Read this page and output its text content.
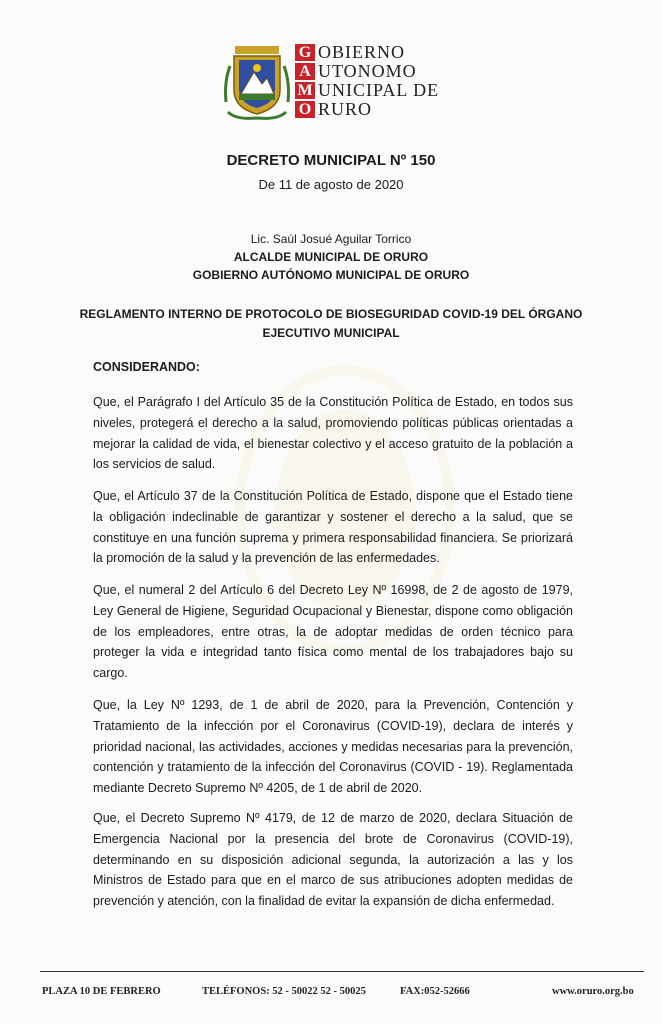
G
A
M
O
OBIERNO
UTONOMO
UNICIPAL DE
RURO
DECRETO MUNICIPAL Nº 150
De 11 de agosto de 2020
Lic. Saúl Josué Aguilar Torrico
ALCALDE MUNICIPAL DE ORURO
GOBIERNO AUTÓNOMO MUNICIPAL DE ORURO
REGLAMENTO INTERNO DE PROTOCOLO DE BIOSEGURIDAD COVID-19 DEL ÓRGANO
EJECUTIVO MUNICIPAL
CONSIDERANDO:

Que, el Parágrafo I del Artículo 35 de la Constitución Política de Estado, en todos sus niveles, protegerá el derecho a la salud, promoviendo políticas públicas orientadas a mejorar la calidad de vida, el bienestar colectivo y el acceso gratuito de la población a los servicios de salud.

Que, el Artículo 37 de la Constitución Política de Estado, dispone que el Estado tiene la obligación indeclinable de garantizar y sostener el derecho a la salud, que se constituye en una función suprema y primera responsabilidad financiera. Se priorizará la promoción de la salud y la prevención de las enfermedades.

Que, el numeral 2 del Artículo 6 del Decreto Ley Nº 16998, de 2 de agosto de 1979, Ley General de Higiene, Seguridad Ocupacional y Bienestar, dispone como obligación de los empleadores, entre otras, la de adoptar medidas de orden técnico para proteger la vida e integridad tanto física como mental de los trabajadores bajo su cargo.

Que, la Ley Nº 1293, de 1 de abril de 2020, para la Prevención, Contención y Tratamiento de la infección por el Coronavirus (COVID-19), declara de interés y prioridad nacional, las actividades, acciones y medidas necesarias para la prevención, contención y tratamiento de la infección del Coronavirus (COVID - 19). Reglamentada mediante Decreto Supremo Nº 4205, de 1 de abril de 2020.

Que, el Decreto Supremo Nº 4179, de 12 de marzo de 2020, declara Situación de Emergencia Nacional por la presencia del brote de Coronavirus (COVID-19), determinando en su disposición adicional segunda, la autorización a las y los Ministros de Estado para que en el marco de sus atribuciones adopten medidas de prevención y atención, con la finalidad de evitar la expansión de dicha enfermedad.

PLAZA 10 DE FEBRERO	TELÉFONOS: 52 - 50022 52 - 50025	FAX:052-52666	www.oruro.org.bo
